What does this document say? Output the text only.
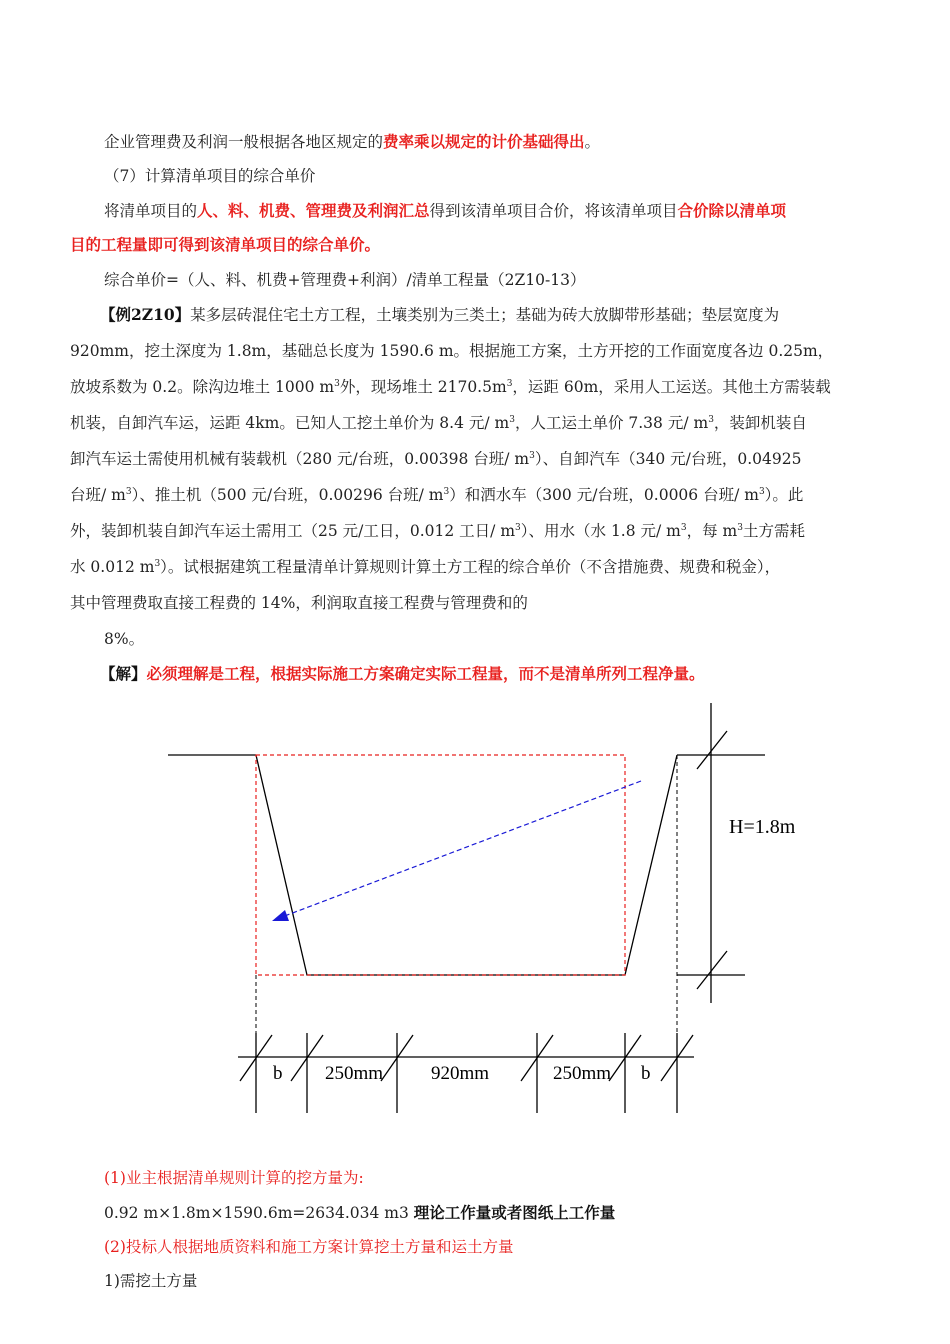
企业管理费及利润一般根据各地区规定的费率乘以规定的计价基础得出。
（7）计算清单项目的综合单价
将清单项目的人、料、机费、管理费及利润汇总得到该清单项目合价，将该清单项目合价除以清单项
目的工程量即可得到该清单项目的综合单价。
综合单价=（人、料、机费+管理费+利润）/清单工程量（2Z10-13）
【例2Z10】某多层砖混住宅土方工程，土壤类别为三类土；基础为砖大放脚带形基础；垫层宽度为
920mm，挖土深度为 1.8m，基础总长度为 1590.6 m。根据施工方案，土方开挖的工作面宽度各边 0.25m，
放坡系数为 0.2。除沟边堆土 1000 $m^3$外，现场堆土 $2170.5m^3$，运距 60m，采用人工运送。其他土方需装载
机装，自卸汽车运，运距 4km。已知人工挖土单价为 8.4 元/ $m^3$，人工运土单价 7.38 元/ $m^3$，装卸机装自
卸汽车运土需使用机械有装载机（280 元/台班，0.00398 台班/ $m^3$）、自卸汽车（340 元/台班，0.04925
台班/ $m^3$）、推土机（500 元/台班，0.00296 台班/ $m^3$）和洒水车（300 元/台班，0.0006 台班/ $m^3$）。此
外，装卸机装自卸汽车运土需用工（25 元/工日，0.012 工日/ $m^3$）、用水（水 1.8 元/ $m^3$，每 $m^3$土方需耗
水 0.012 $m^3$）。试根据建筑工程量清单计算规则计算土方工程的综合单价（不含措施费、规费和税金），
其中管理费取直接工程费的 14%，利润取直接工程费与管理费和的
8%。
【解】必须理解是工程，根据实际施工方案确定实际工程量，而不是清单所列工程净量。
H=1.8m
b 250mm	920mm	250mm b
(1)业主根据清单规则计算的挖方量为:
0.92 m×1.8m×1590.6m=2634.034 m3 理论工作量或者图纸上工作量
(2)投标人根据地质资料和施工方案计算挖土方量和运土方量
1)需挖土方量
